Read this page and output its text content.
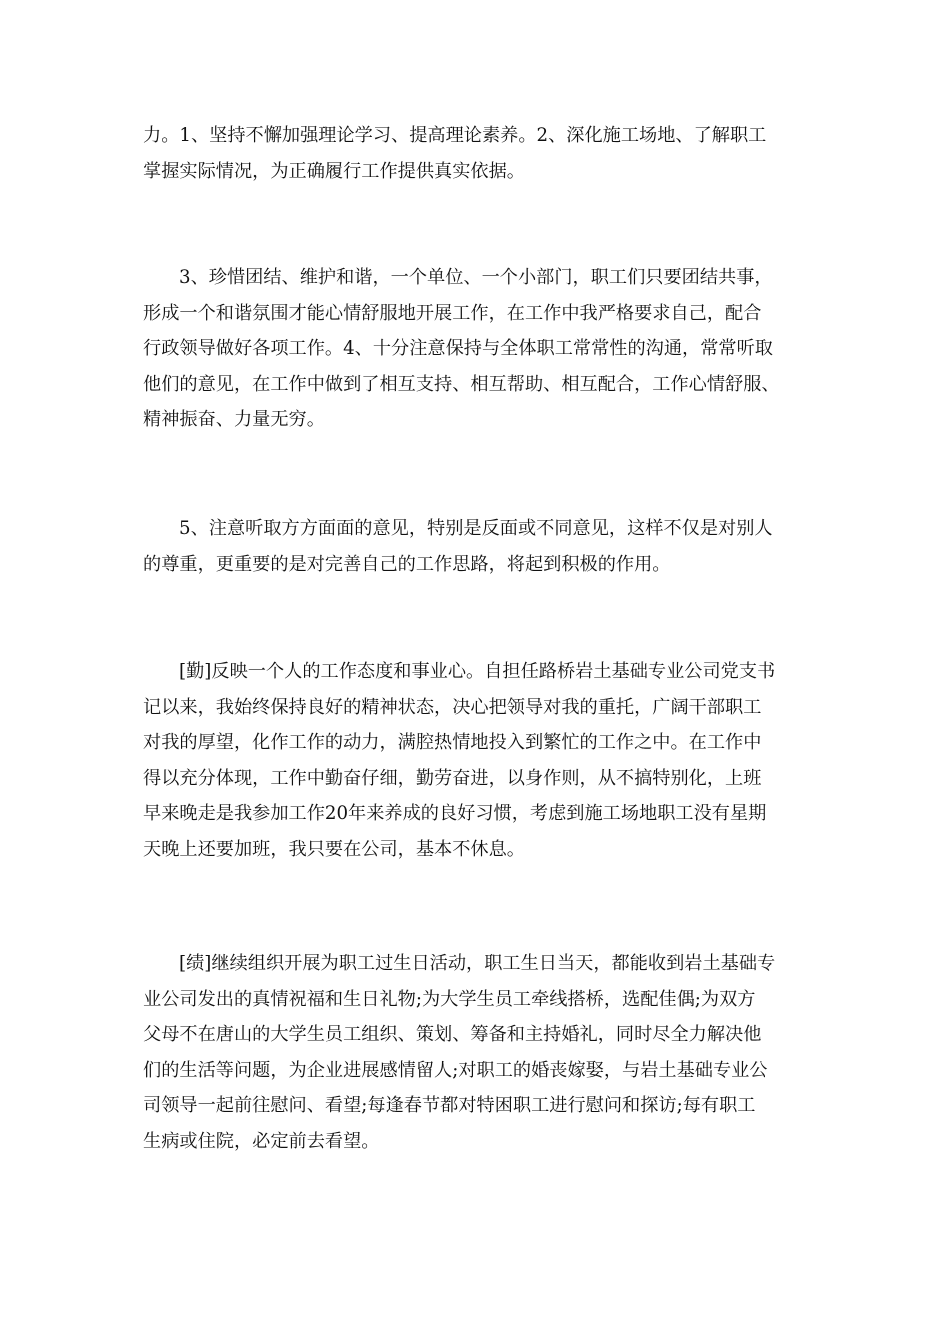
力。1、坚持不懈加强理论学习、提高理论素养。2、深化施工场地、了解职工
掌握实际情况，为正确履行工作提供真实依据。

3、珍惜团结、维护和谐，一个单位、一个小部门，职工们只要团结共事，
形成一个和谐氛围才能心情舒服地开展工作，在工作中我严格要求自己，配合
行政领导做好各项工作。4、十分注意保持与全体职工常常性的沟通，常常听取
他们的意见，在工作中做到了相互支持、相互帮助、相互配合，工作心情舒服、
精神振奋、力量无穷。

5、注意听取方方面面的意见，特别是反面或不同意见，这样不仅是对别人
的尊重，更重要的是对完善自己的工作思路，将起到积极的作用。

[勤]反映一个人的工作态度和事业心。自担任路桥岩土基础专业公司党支书
记以来，我始终保持良好的精神状态，决心把领导对我的重托，广阔干部职工
对我的厚望，化作工作的动力，满腔热情地投入到繁忙的工作之中。在工作中
得以充分体现，工作中勤奋仔细，勤劳奋进，以身作则，从不搞特别化，上班
早来晚走是我参加工作20年来养成的良好习惯，考虑到施工场地职工没有星期
天晚上还要加班，我只要在公司，基本不休息。

[绩]继续组织开展为职工过生日活动，职工生日当天，都能收到岩土基础专
业公司发出的真情祝福和生日礼物;为大学生员工牵线搭桥，选配佳偶;为双方
父母不在唐山的大学生员工组织、策划、筹备和主持婚礼，同时尽全力解决他
们的生活等问题，为企业进展感情留人;对职工的婚丧嫁娶，与岩土基础专业公
司领导一起前往慰问、看望;每逢春节都对特困职工进行慰问和探访;每有职工
生病或住院，必定前去看望。
